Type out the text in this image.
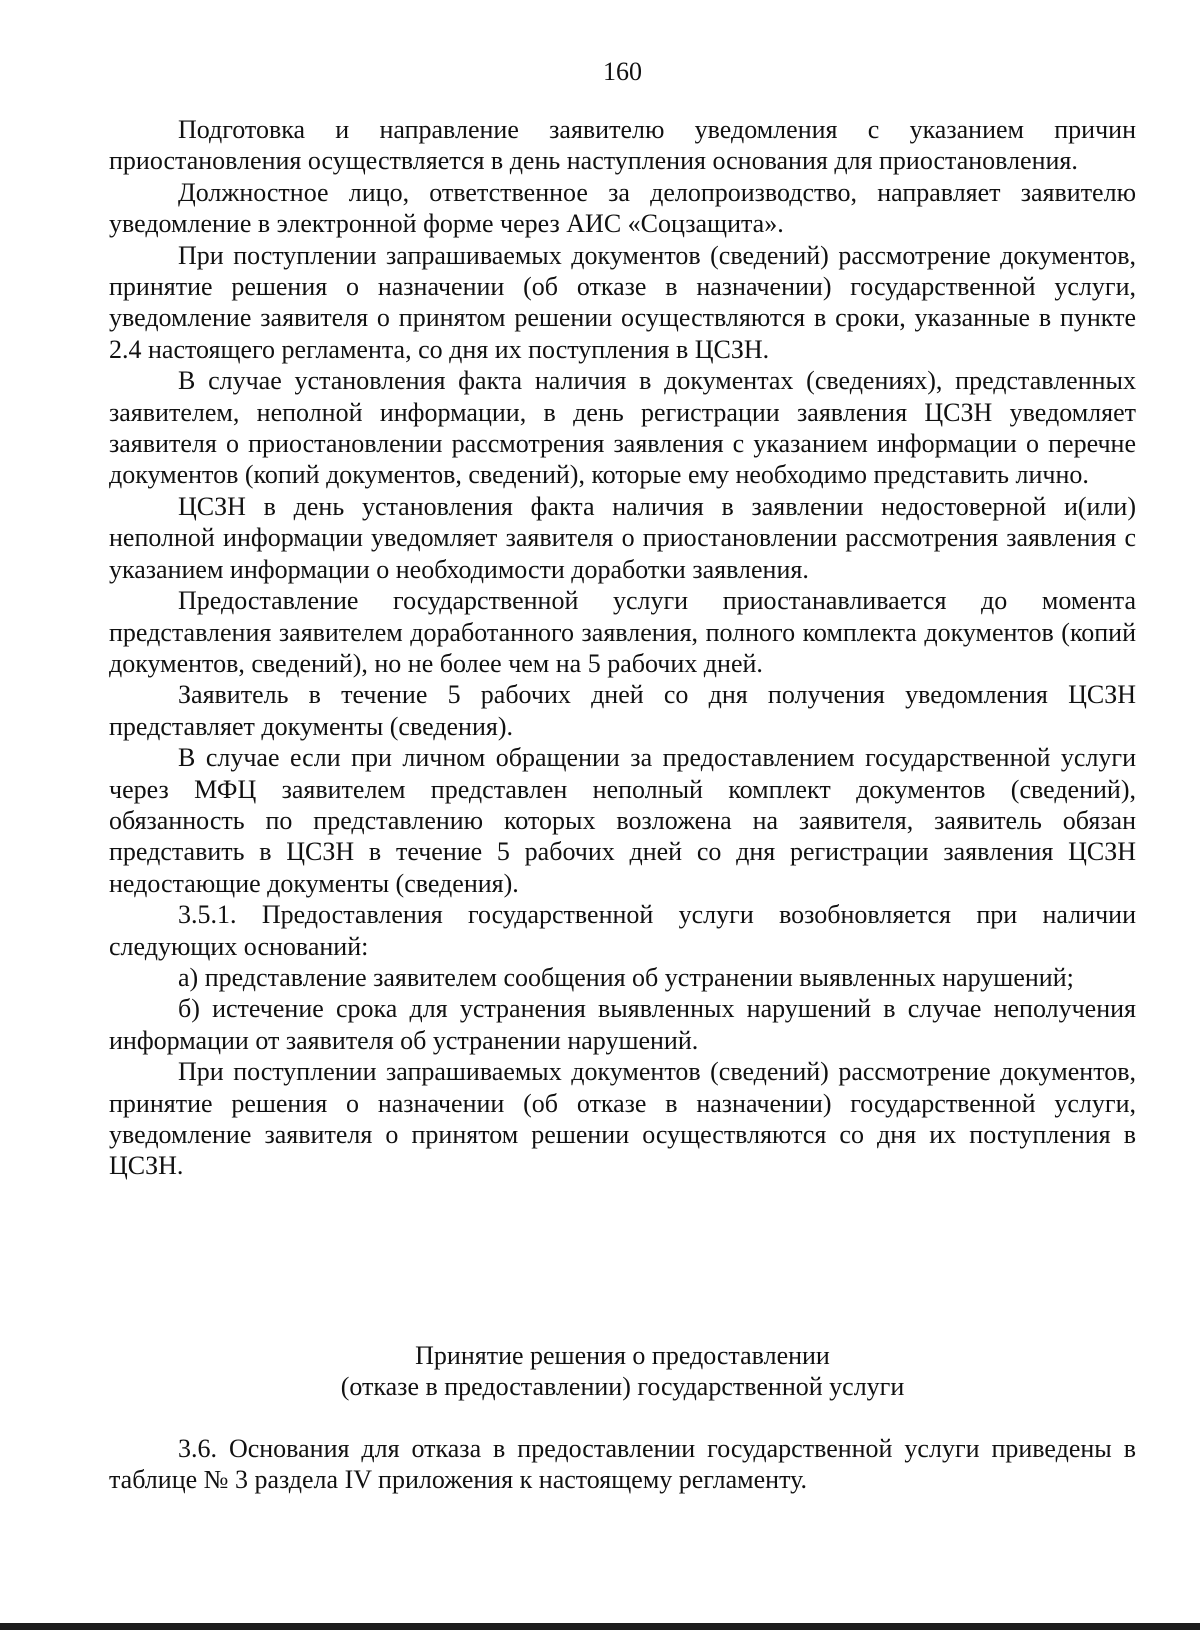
160

Подготовка и направление заявителю уведомления с указанием причин приостановления осуществляется в день наступления основания для приостановления.

Должностное лицо, ответственное за делопроизводство, направляет заявителю уведомление в электронной форме через АИС «Соцзащита».

При поступлении запрашиваемых документов (сведений) рассмотрение документов, принятие решения о назначении (об отказе в назначении) государственной услуги, уведомление заявителя о принятом решении осуществляются в сроки, указанные в пункте 2.4 настоящего регламента, со дня их поступления в ЦСЗН.

В случае установления факта наличия в документах (сведениях), представленных заявителем, неполной информации, в день регистрации заявления ЦСЗН уведомляет заявителя о приостановлении рассмотрения заявления с указанием информации о перечне документов (копий документов, сведений), которые ему необходимо представить лично.

ЦСЗН в день установления факта наличия в заявлении недостоверной и(или) неполной информации уведомляет заявителя о приостановлении рассмотрения заявления с указанием информации о необходимости доработки заявления.

Предоставление государственной услуги приостанавливается до момента представления заявителем доработанного заявления, полного комплекта документов (копий документов, сведений), но не более чем на 5 рабочих дней.

Заявитель в течение 5 рабочих дней со дня получения уведомления ЦСЗН представляет документы (сведения).

В случае если при личном обращении за предоставлением государственной услуги через МФЦ заявителем представлен неполный комплект документов (сведений), обязанность по представлению которых возложена на заявителя, заявитель обязан представить в ЦСЗН в течение 5 рабочих дней со дня регистрации заявления ЦСЗН недостающие документы (сведения).

3.5.1. Предоставления государственной услуги возобновляется при наличии следующих оснований:

а) представление заявителем сообщения об устранении выявленных нарушений;

б) истечение срока для устранения выявленных нарушений в случае неполучения информации от заявителя об устранении нарушений.

При поступлении запрашиваемых документов (сведений) рассмотрение документов, принятие решения о назначении (об отказе в назначении) государственной услуги, уведомление заявителя о принятом решении осуществляются со дня их поступления в ЦСЗН.

Принятие решения о предоставлении
(отказе в предоставлении) государственной услуги

3.6. Основания для отказа в предоставлении государственной услуги приведены в таблице № 3 раздела IV приложения к настоящему регламенту.
